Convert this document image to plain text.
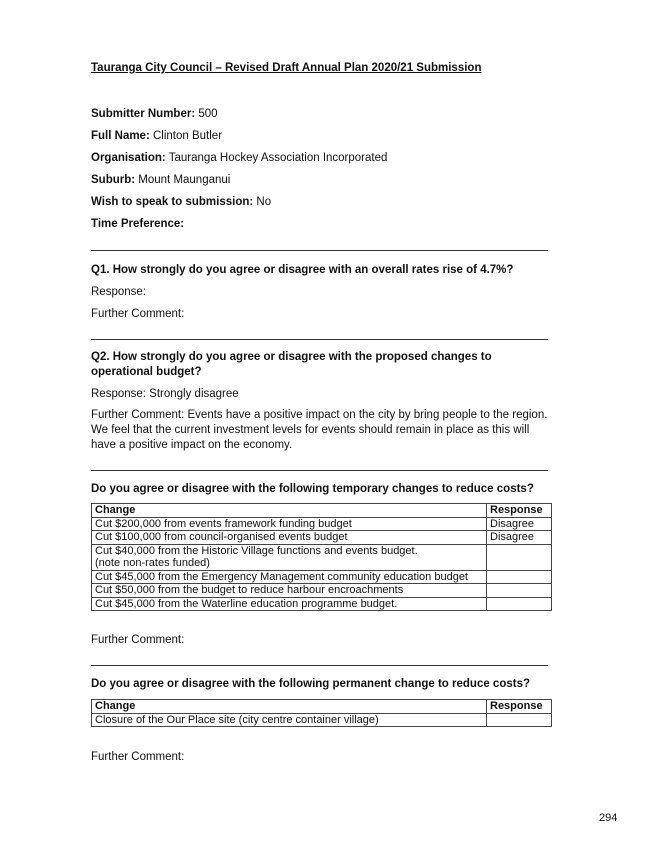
Tauranga City Council – Revised Draft Annual Plan 2020/21 Submission
Submitter Number: 500
Full Name: Clinton Butler
Organisation: Tauranga Hockey Association Incorporated
Suburb: Mount Maunganui
Wish to speak to submission: No
Time Preference:
Q1. How strongly do you agree or disagree with an overall rates rise of 4.7%?
Response:
Further Comment:
Q2. How strongly do you agree or disagree with the proposed changes to operational budget?
Response: Strongly disagree
Further Comment: Events have a positive impact on the city by bring people to the region. We feel that the current investment levels for events should remain in place as this will have a positive impact on the economy.
Do you agree or disagree with the following temporary changes to reduce costs?
Change	Response
Cut $200,000 from events framework funding budget	Disagree
Cut $100,000 from council-organised events budget	Disagree

Cut $40,000 from the Historic Village functions and events budget.
(note non-rates funded)	

Cut $45,000 from the Emergency Management community education budget	
Cut $50,000 from the budget to reduce harbour encroachments	
Cut $45,000 from the Waterline education programme budget.	
Further Comment:
Do you agree or disagree with the following permanent change to reduce costs?
Change	Response
Closure of the Our Place site (city centre container village)	
Further Comment:
294
